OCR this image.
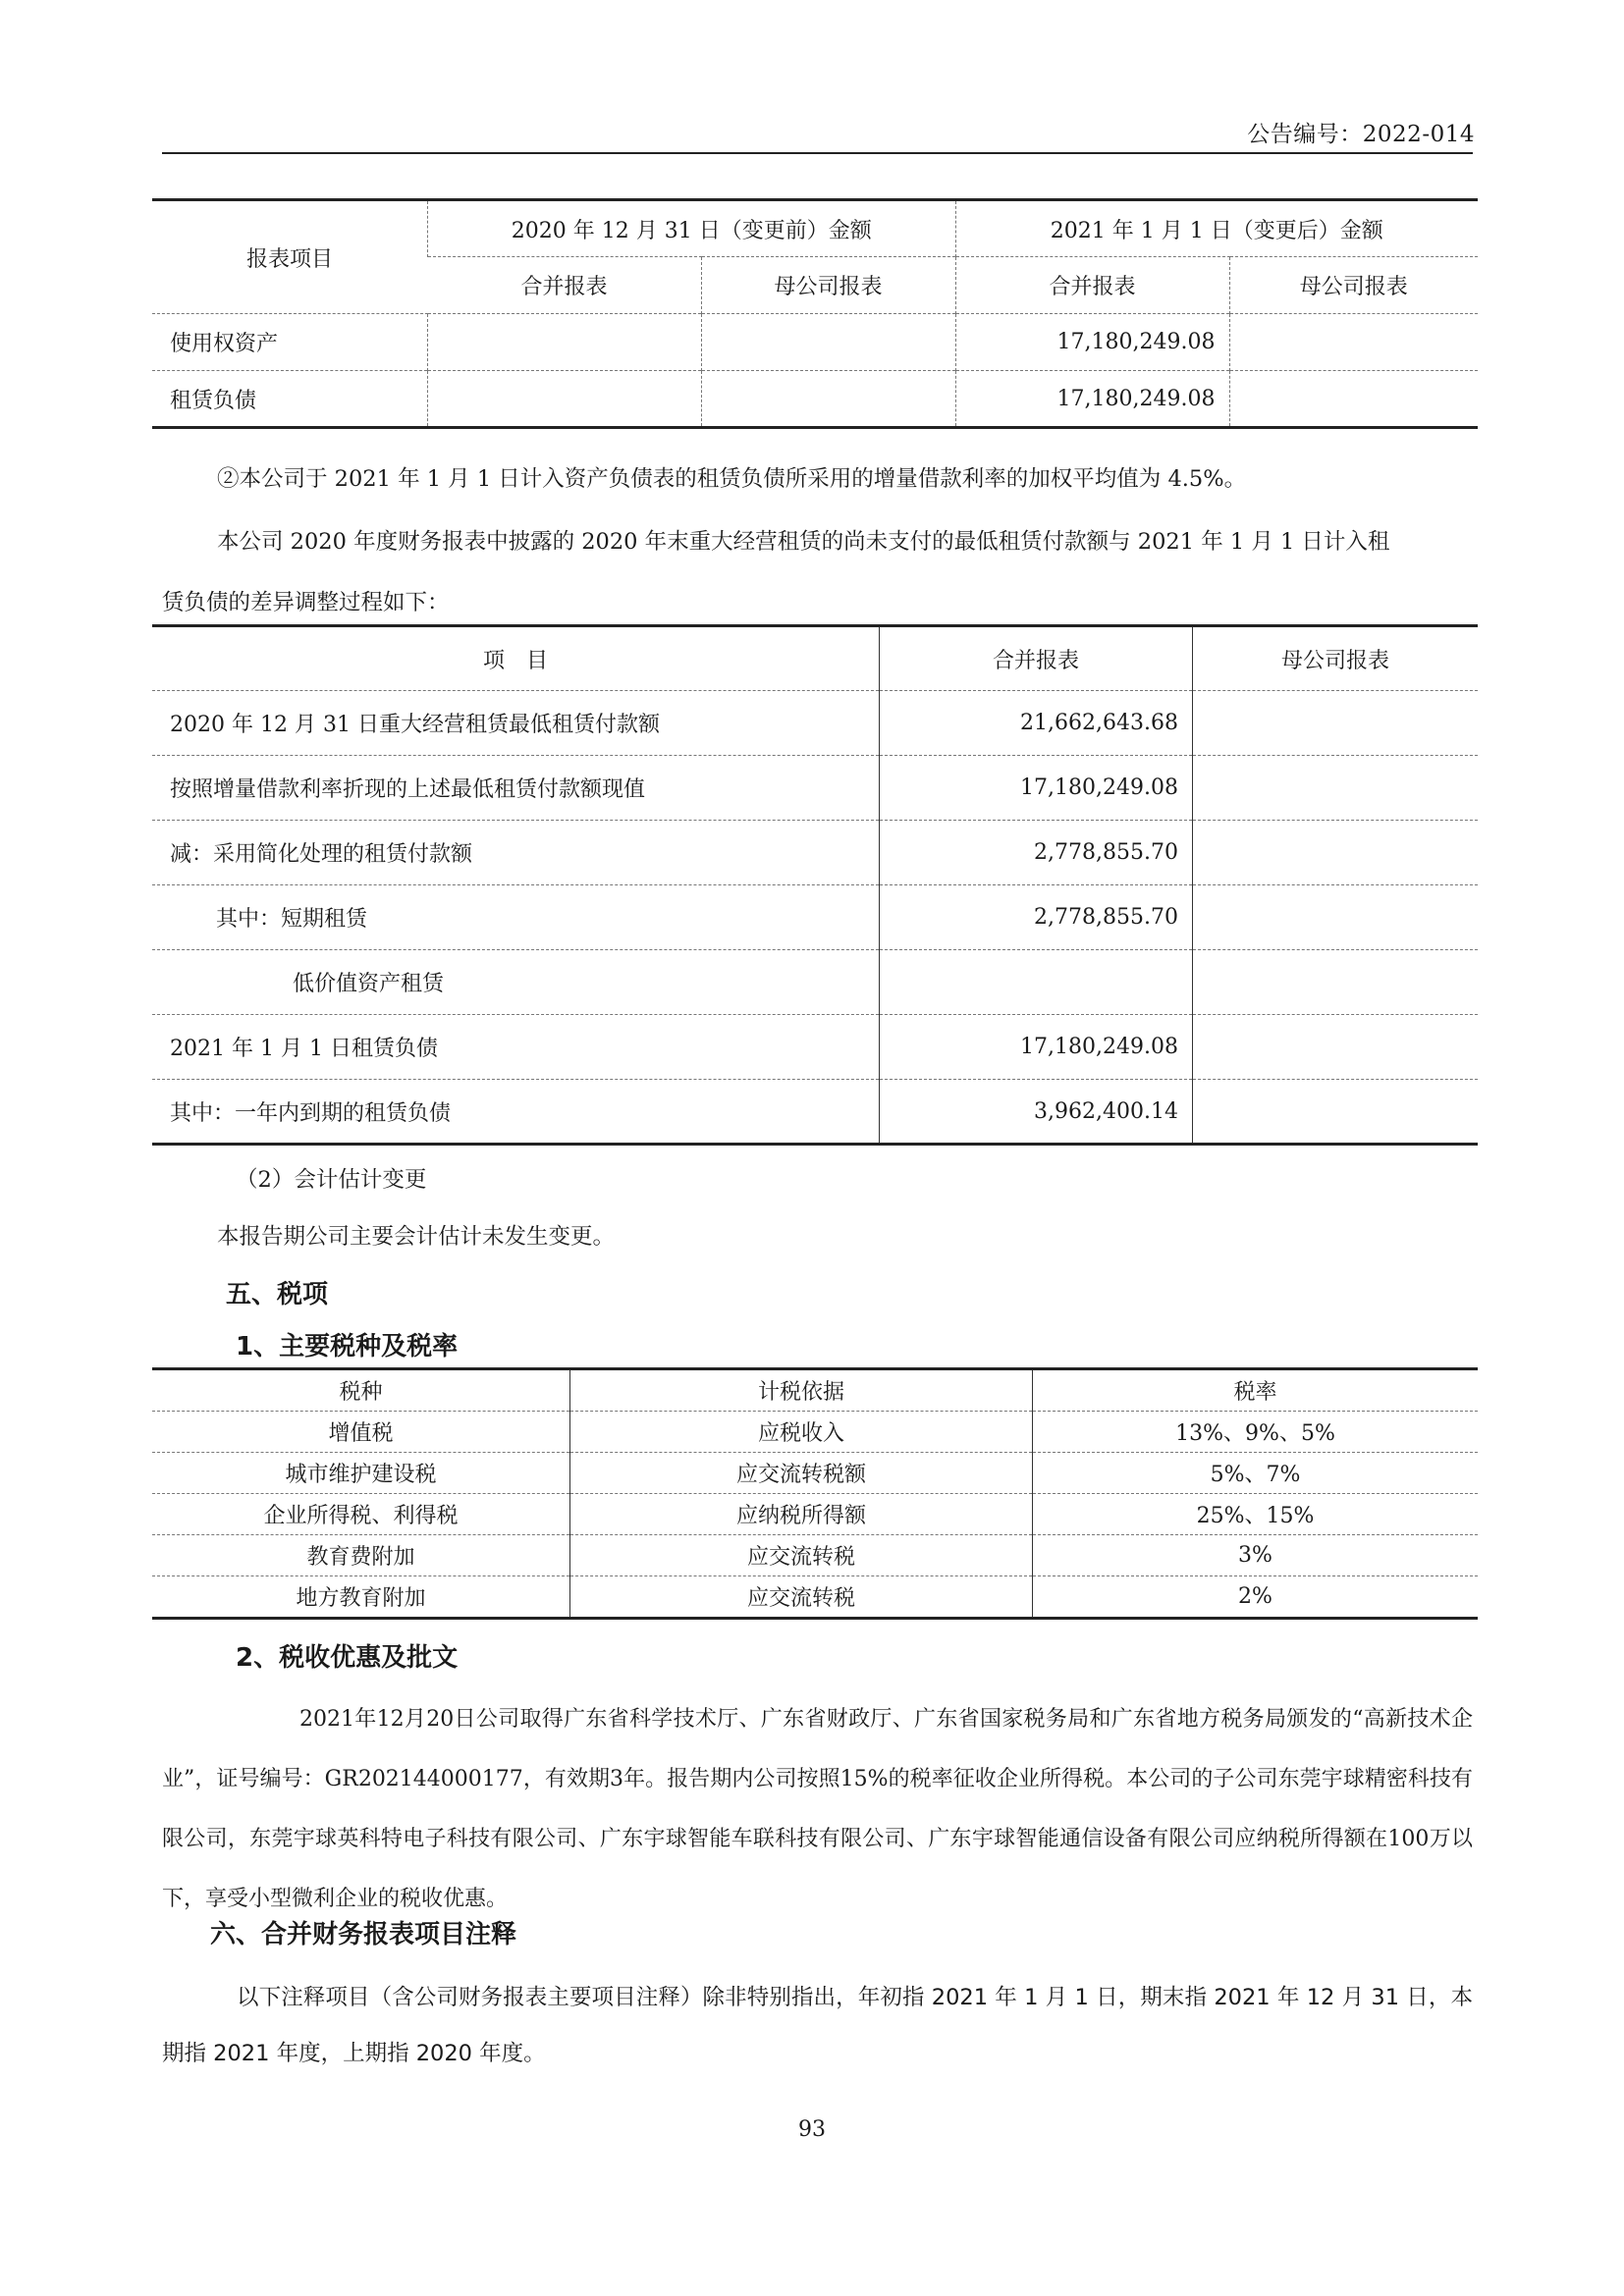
公告编号：2022-014
报表项目	2020 年 12 月 31 日（变更前）金额		2021 年 1 月 1 日（变更后）金额	
	合并报表	母公司报表	合并报表	母公司报表
使用权资产			17,180,249.08	
租赁负债			17,180,249.08	
②本公司于 2021 年 1 月 1 日计入资产负债表的租赁负债所采用的增量借款利率的加权平均值为 4.5%。
本公司 2020 年度财务报表中披露的 2020 年末重大经营租赁的尚未支付的最低租赁付款额与 2021 年 1 月 1 日计入租
赁负债的差异调整过程如下：
项　目	合并报表	母公司报表
2020 年 12 月 31 日重大经营租赁最低租赁付款额	21,662,643.68	
按照增量借款利率折现的上述最低租赁付款额现值	17,180,249.08	
减：采用简化处理的租赁付款额	2,778,855.70	
其中：短期租赁	2,778,855.70	
低价值资产租赁		
2021 年 1 月 1 日租赁负债	17,180,249.08	
其中：一年内到期的租赁负债	3,962,400.14	
（2）会计估计变更
本报告期公司主要会计估计未发生变更。
五、税项
1、主要税种及税率
税种	计税依据	税率
增值税	应税收入	13%、9%、5%
城市维护建设税	应交流转税额	5%、7%
企业所得税、利得税	应纳税所得额	25%、15%
教育费附加	应交流转税	3%
地方教育附加	应交流转税	2%
2、税收优惠及批文
2021年12月20日公司取得广东省科学技术厅、广东省财政厅、广东省国家税务局和广东省地方税务局颁发的“高新技术企业”，证号编号：GR202144000177，有效期3年。报告期内公司按照15%的税率征收企业所得税。本公司的子公司东莞宇球精密科技有限公司，东莞宇球英科特电子科技有限公司、广东宇球智能车联科技有限公司、广东宇球智能通信设备有限公司应纳税所得额在100万以下，享受小型微利企业的税收优惠。
六、合并财务报表项目注释
以下注释项目（含公司财务报表主要项目注释）除非特别指出，年初指 2021 年 1 月 1 日，期末指 2021 年 12 月 31 日，本期指 2021 年度，上期指 2020 年度。
93
